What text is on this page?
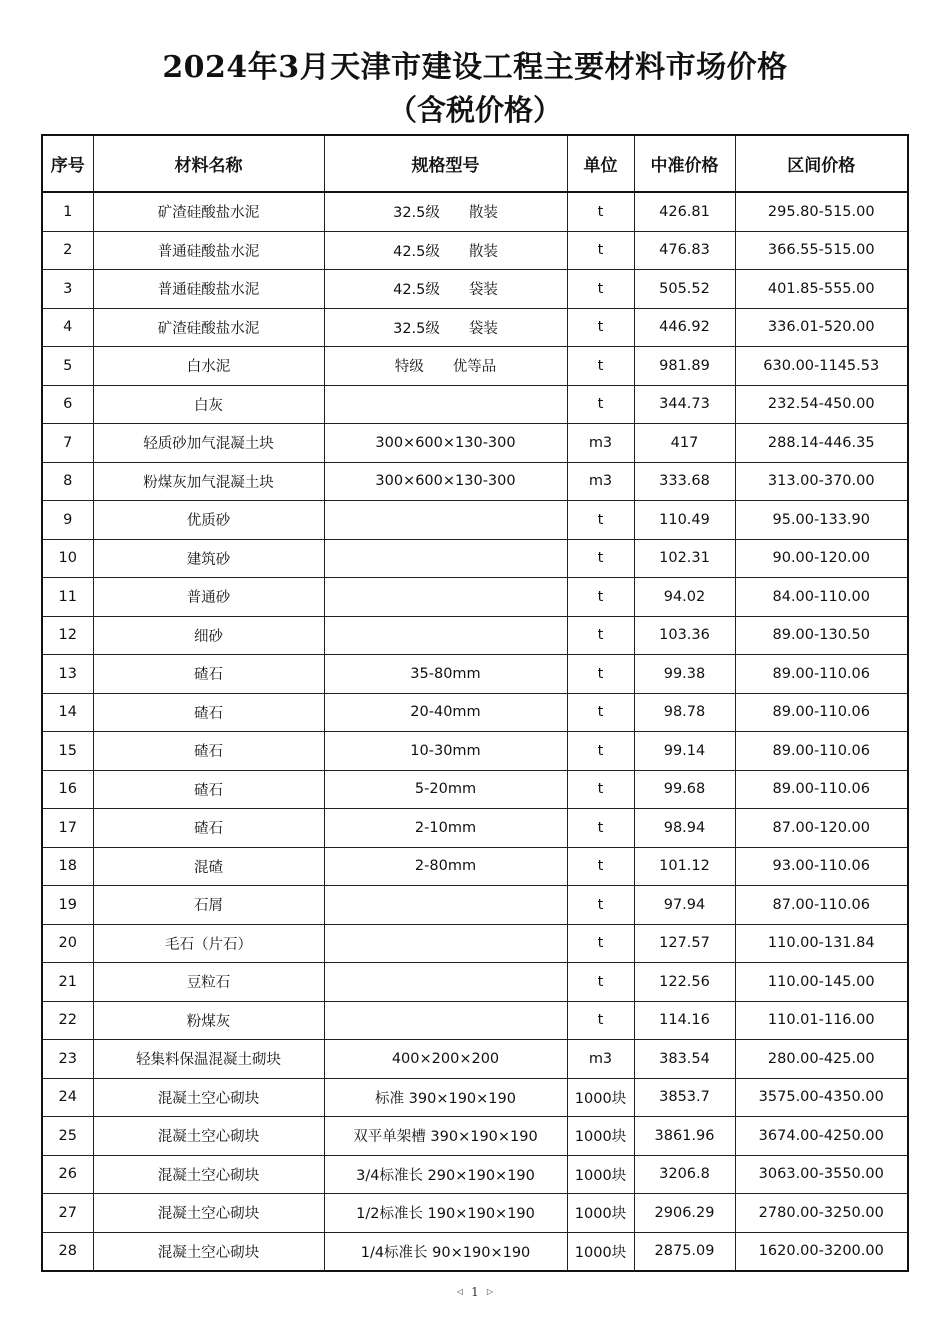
2024年3月天津市建设工程主要材料市场价格
（含税价格）
序号	材料名称	规格型号	单位	中准价格	区间价格
1	矿渣硅酸盐水泥	32.5级　　散装	t	426.81	295.80-515.00
2	普通硅酸盐水泥	42.5级　　散装	t	476.83	366.55-515.00
3	普通硅酸盐水泥	42.5级　　袋装	t	505.52	401.85-555.00
4	矿渣硅酸盐水泥	32.5级　　袋装	t	446.92	336.01-520.00
5	白水泥	特级　　优等品	t	981.89	630.00-1145.53
6	白灰		t	344.73	232.54-450.00
7	轻质砂加气混凝土块	300×600×130-300	m3	417	288.14-446.35
8	粉煤灰加气混凝土块	300×600×130-300	m3	333.68	313.00-370.00
9	优质砂		t	110.49	95.00-133.90
10	建筑砂		t	102.31	90.00-120.00
11	普通砂		t	94.02	84.00-110.00
12	细砂		t	103.36	89.00-130.50
13	碴石	35-80mm	t	99.38	89.00-110.06
14	碴石	20-40mm	t	98.78	89.00-110.06
15	碴石	10-30mm	t	99.14	89.00-110.06
16	碴石	5-20mm	t	99.68	89.00-110.06
17	碴石	2-10mm	t	98.94	87.00-120.00
18	混碴	2-80mm	t	101.12	93.00-110.06
19	石屑		t	97.94	87.00-110.06
20	毛石（片石）		t	127.57	110.00-131.84
21	豆粒石		t	122.56	110.00-145.00
22	粉煤灰		t	114.16	110.01-116.00
23	轻集料保温混凝土砌块	400×200×200	m3	383.54	280.00-425.00
24	混凝土空心砌块	标准 390×190×190	1000块	3853.7	3575.00-4350.00
25	混凝土空心砌块	双平单架槽 390×190×190	1000块	3861.96	3674.00-4250.00
26	混凝土空心砌块	3/4标准长 290×190×190	1000块	3206.8	3063.00-3550.00
27	混凝土空心砌块	1/2标准长 190×190×190	1000块	2906.29	2780.00-3250.00
28	混凝土空心砌块	1/4标准长 90×190×190	1000块	2875.09	1620.00-3200.00
◁ 1 ▷
